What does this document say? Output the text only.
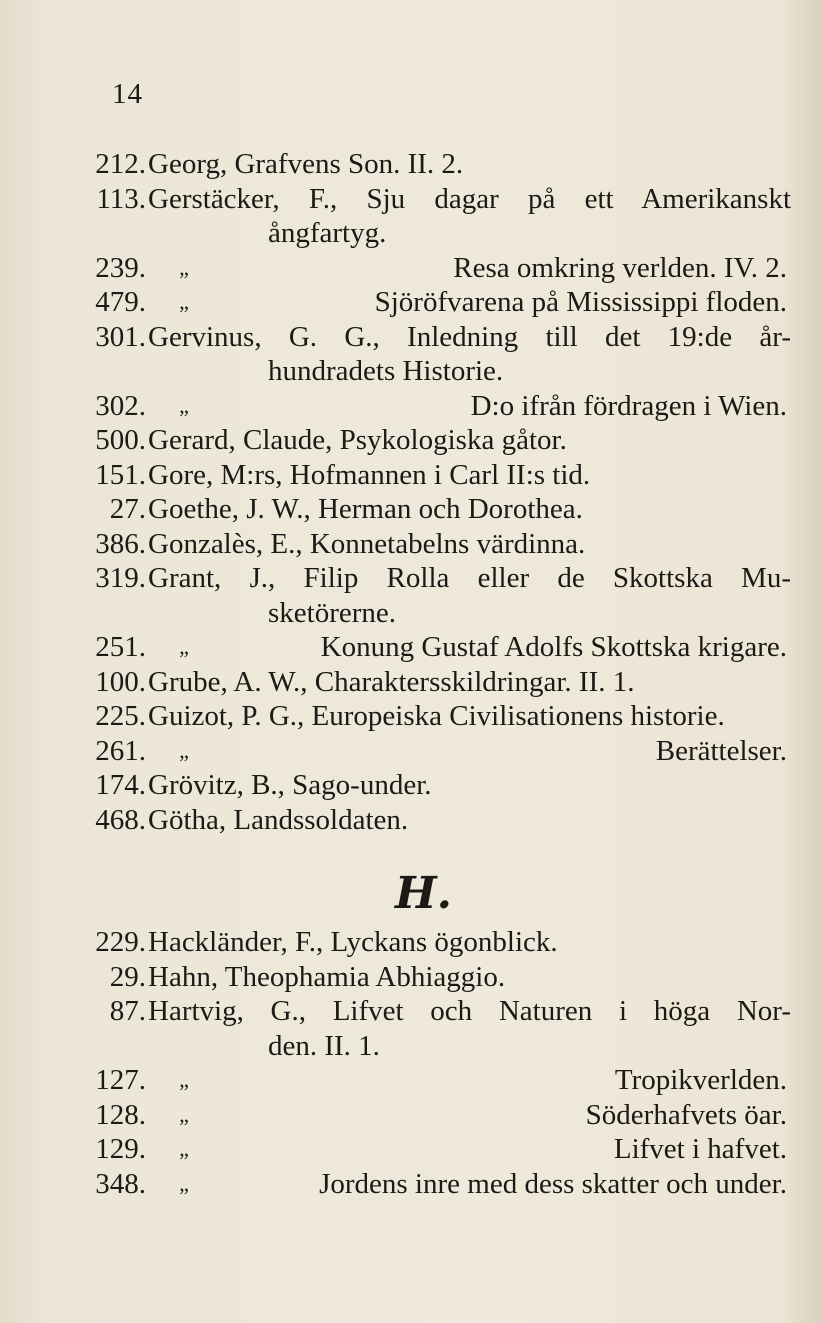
14
212. Georg, Grafvens Son. II. 2.
113. Gerstäcker, F., Sju dagar på ett Amerikanskt
ångfartyg.
239.	„	Resa omkring verlden. IV. 2.
479.	„	Sjöröfvarena på Mississippi floden.
301. Gervinus, G. G., Inledning till det 19:de år-
hundradets Historie.
302.	„	D:o ifrån fördragen i Wien.
500. Gerard, Claude, Psykologiska gåtor.
151. Gore, M:rs, Hofmannen i Carl II:s tid.
27. Goethe, J. W., Herman och Dorothea.
386. Gonzalès, E., Konnetabelns värdinna.
319. Grant, J., Filip Rolla eller de Skottska Mu-
sketörerne.
251.	„	Konung Gustaf Adolfs Skottska krigare.
100. Grube, A. W., Charaktersskildringar. II. 1.
225. Guizot, P. G., Europeiska Civilisationens historie.
261.	„	Berättelser.
174. Grövitz, B., Sago-under.
468. Götha, Landssoldaten.
229. Hackländer, F., Lyckans ögonblick.
29. Hahn, Theophamia Abhiaggio.
87. Hartvig, G., Lifvet och Naturen i höga Nor-
den. II. 1.
127.	„	Tropikverlden.
128.	„	Söderhafvets öar.
129.	„	Lifvet i hafvet.
348.	„	Jordens inre med dess skatter och under.
H.
